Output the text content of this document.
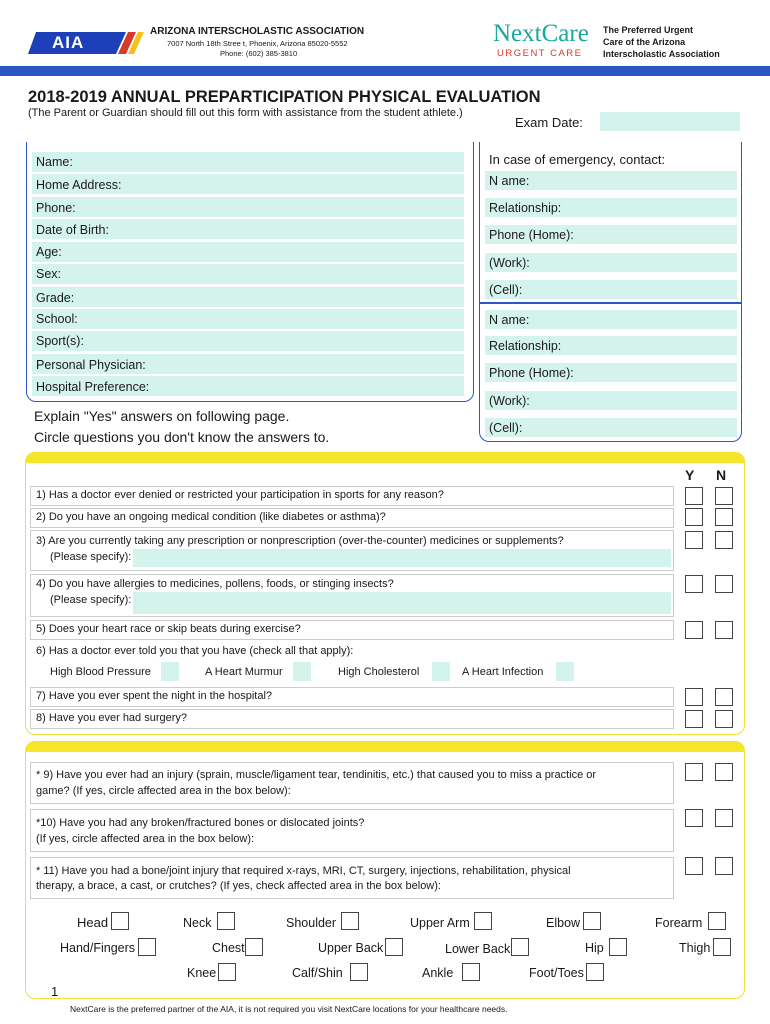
AIA
ARIZONA INTERSCHOLASTIC ASSOCIATION
7007 North 18th Stree t, Phoenix, Arizona 85020-5552
Phone: (602) 385-3810
NextCare
URGENT CARE
The Preferred Urgent
Care of the Arizona
Interscholastic Association
2018-2019 ANNUAL PREPARTICIPATION PHYSICAL EVALUATION
(The Parent or Guardian should fill out this form with assistance from the student athlete.)
Exam Date:
Name:
Home Address:
Phone:
Date of Birth:
Age:
Sex:
Grade:
School:
Sport(s):
Personal Physician:
Hospital Preference:
In case of emergency, contact:
N ame:
Relationship:
Phone (Home):
(Work):
(Cell):
N ame:
Relationship:
Phone (Home):
(Work):
(Cell):
Explain "Yes" answers on following page.
Circle questions you don't know the answers to.
Y N
1) Has a doctor ever denied or restricted your participation in sports for any reason?
2) Do you have an ongoing medical condition (like diabetes or asthma)?
3) Are you currently taking any prescription or nonprescription (over-the-counter) medicines or supplements?
(Please specify):
4) Do you have allergies to medicines, pollens, foods, or stinging insects?
(Please specify):
5) Does your heart race or skip beats during exercise?
6) Has a doctor ever told you that you have (check all that apply):
High Blood Pressure	A Heart Murmur	High Cholesterol	A Heart Infection
7) Have you ever spent the night in the hospital?
8) Have you ever had surgery?
* 9) Have you ever had an injury (sprain, muscle/ligament tear, tendinitis, etc.) that caused you to miss a practice or
game? (If yes, circle affected area in the box below):
*10) Have you had any broken/fractured bones or dislocated joints?
(If yes, circle affected area in the box below):
* 11) Have you had a bone/joint injury that required x-rays, MRI, CT, surgery, injections, rehabilitation, physical
therapy, a brace, a cast, or crutches? (If yes, check affected area in the box below):
Head	Neck	Shoulder	Upper Arm	Elbow	Forearm
Hand/Fingers	Chest	Upper Back	Lower Back	Hip	Thigh
Knee	Calf/Shin	Ankle	Foot/Toes
1
NextCare is the preferred partner of the AIA, it is not required you visit NextCare locations for your healthcare needs.
